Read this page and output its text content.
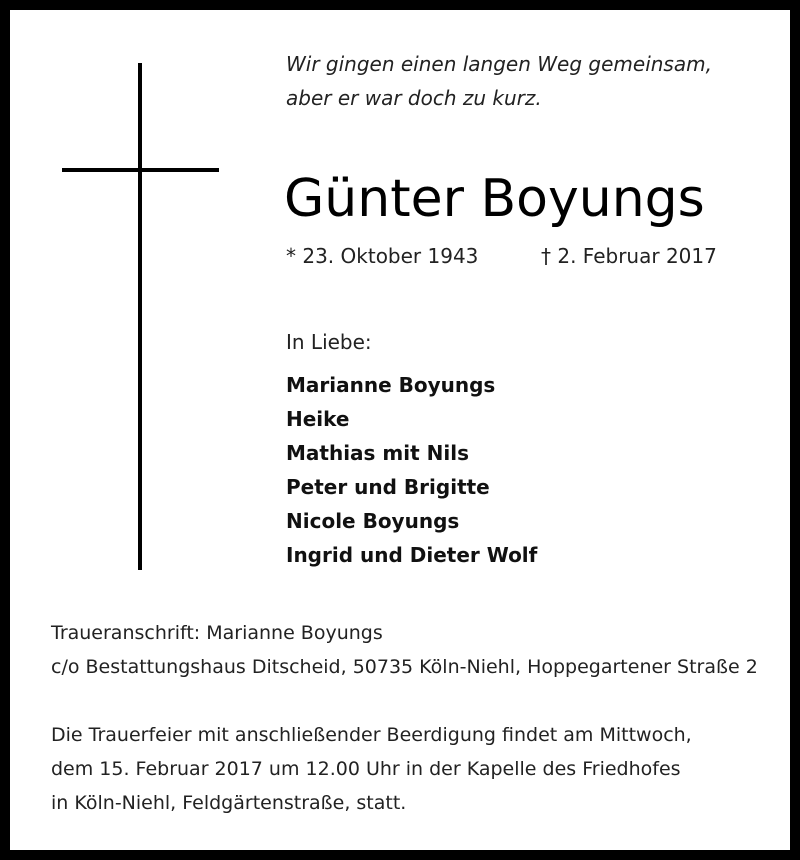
Wir gingen einen langen Weg gemeinsam,
aber er war doch zu kurz.
Günter Boyungs
* 23. Oktober 1943	† 2. Februar 2017
In Liebe:
Marianne Boyungs
Heike
Mathias mit Nils
Peter und Brigitte
Nicole Boyungs
Ingrid und Dieter Wolf
Traueranschrift: Marianne Boyungs
c/o Bestattungshaus Ditscheid, 50735 Köln-Niehl, Hoppegartener Straße 2
Die Trauerfeier mit anschließender Beerdigung findet am Mittwoch,
dem 15. Februar 2017 um 12.00 Uhr in der Kapelle des Friedhofes
in Köln-Niehl, Feldgärtenstraße, statt.
